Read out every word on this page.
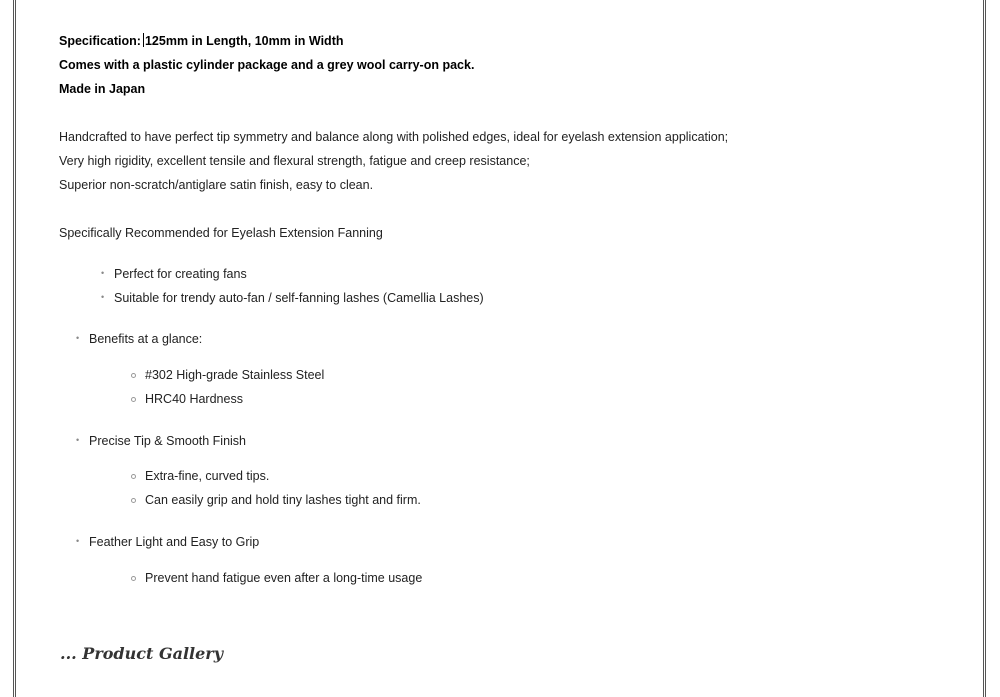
Specification: 125mm in Length, 10mm in Width
Comes with a plastic cylinder package and a grey wool carry-on pack.
Made in Japan
Handcrafted to have perfect tip symmetry and balance along with polished edges, ideal for eyelash extension application;
Very high rigidity, excellent tensile and flexural strength, fatigue and creep resistance;
Superior non-scratch/antiglare satin finish, easy to clean.
Specifically Recommended for Eyelash Extension Fanning
• Perfect for creating fans
• Suitable for trendy auto-fan / self-fanning lashes (Camellia Lashes)
• Benefits at a glance:
#302 High-grade Stainless Steel
HRC40 Hardness
• Precise Tip & Smooth Finish
Extra-fine, curved tips.
Can easily grip and hold tiny lashes tight and firm.
• Feather Light and Easy to Grip
Prevent hand fatigue even after a long-time usage
... Product Gallery
